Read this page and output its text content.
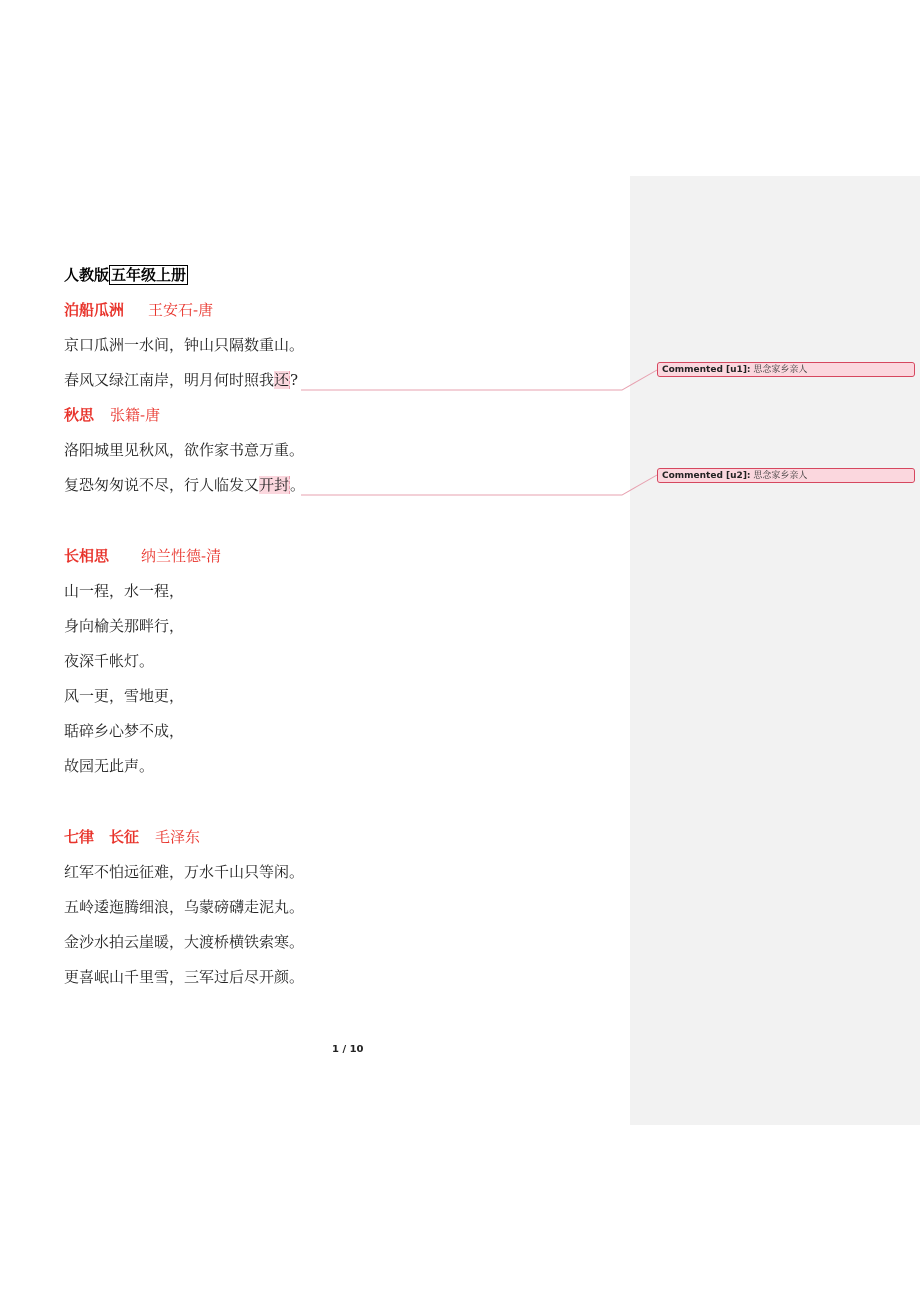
人教版 五年级上册
泊船瓜洲 王安石-唐
京口瓜洲一水间，钟山只隔数重山。
春风又绿江南岸，明月何时照我还?
秋思 张籍-唐
洛阳城里见秋风，欲作家书意万重。
复恐匆匆说不尽，行人临发又开封。
长相思 纳兰性德-清
山一程，水一程，
身向榆关那畔行，
夜深千帐灯。
风一更，雪地更，
聒碎乡心梦不成，
故园无此声。
七律　长征 毛泽东
红军不怕远征难，万水千山只等闲。
五岭逶迤腾细浪，乌蒙磅礴走泥丸。
金沙水拍云崖暖，大渡桥横铁索寒。
更喜岷山千里雪，三军过后尽开颜。
1 / 10
Commented [u1]: 思念家乡亲人
Commented [u2]: 思念家乡亲人
